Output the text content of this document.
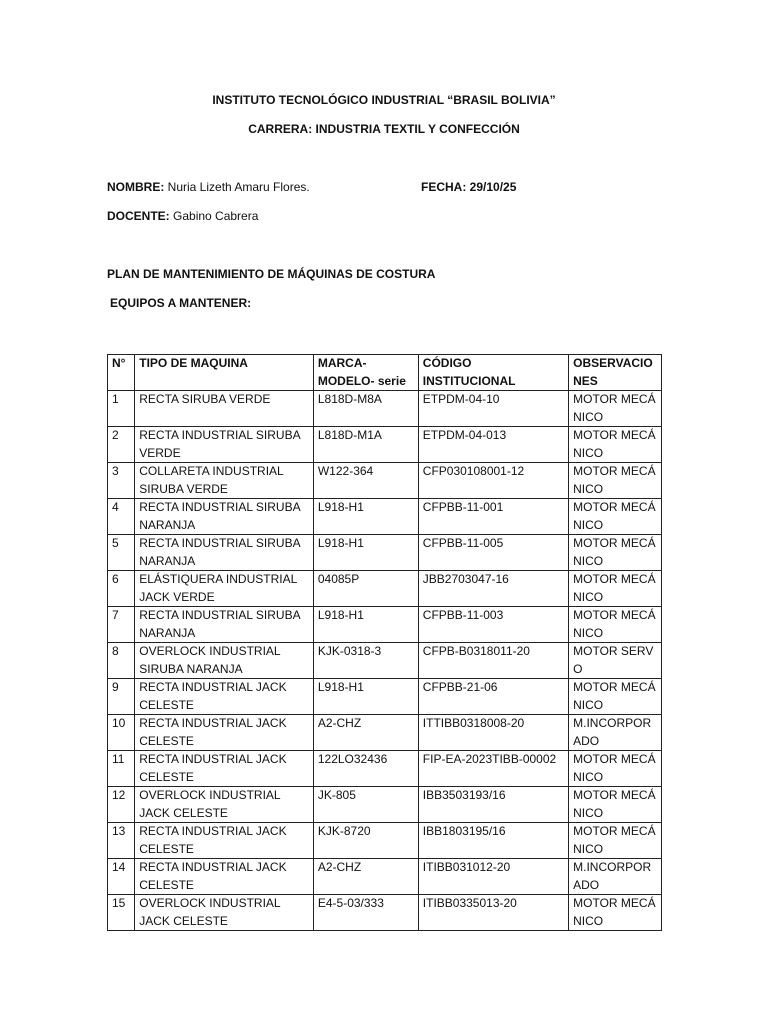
INSTITUTO TECNOLÓGICO INDUSTRIAL “BRASIL BOLIVIA”
CARRERA: INDUSTRIA TEXTIL Y CONFECCIÓN
NOMBRE: Nuria Lizeth Amaru Flores.	FECHA: 29/10/25
DOCENTE: Gabino Cabrera
PLAN DE MANTENIMIENTO DE MÁQUINAS DE COSTURA
EQUIPOS A MANTENER:
N°	TIPO DE MAQUINA	MARCA-MODELO- serie	CÓDIGO INSTITUCIONAL	OBSERVACIONES
1	RECTA SIRUBA VERDE	L818D-M8A	ETPDM-04-10	MOTOR MECÁNICO
2	RECTA INDUSTRIAL SIRUBA VERDE	L818D-M1A	ETPDM-04-013	MOTOR MECÁNICO
3	COLLARETA INDUSTRIAL SIRUBA VERDE	W122-364	CFP030108001-12	MOTOR MECÁNICO
4	RECTA INDUSTRIAL SIRUBA NARANJA	L918-H1	CFPBB-11-001	MOTOR MECÁNICO
5	RECTA INDUSTRIAL SIRUBA NARANJA	L918-H1	CFPBB-11-005	MOTOR MECÁNICO
6	ELÁSTIQUERA INDUSTRIAL JACK VERDE	04085P	JBB2703047-16	MOTOR MECÁNICO
7	RECTA INDUSTRIAL SIRUBA NARANJA	L918-H1	CFPBB-11-003	MOTOR MECÁNICO
8	OVERLOCK INDUSTRIAL SIRUBA NARANJA	KJK-0318-3	CFPB-B0318011-20	MOTOR SERVO
9	RECTA INDUSTRIAL JACK CELESTE	L918-H1	CFPBB-21-06	MOTOR MECÁNICO
10	RECTA INDUSTRIAL JACK CELESTE	A2-CHZ	ITTIBB0318008-20	M.INCORPORADO
11	RECTA INDUSTRIAL JACK CELESTE	122LO32436	FIP-EA-2023TIBB-00002	MOTOR MECÁNICO
12	OVERLOCK INDUSTRIAL JACK CELESTE	JK-805	IBB3503193/16	MOTOR MECÁNICO
13	RECTA INDUSTRIAL JACK CELESTE	KJK-8720	IBB1803195/16	MOTOR MECÁNICO
14	RECTA INDUSTRIAL JACK CELESTE	A2-CHZ	ITIBB031012-20	M.INCORPORADO
15	OVERLOCK INDUSTRIAL JACK CELESTE	E4-5-03/333	ITIBB0335013-20	MOTOR MECÁNICO
